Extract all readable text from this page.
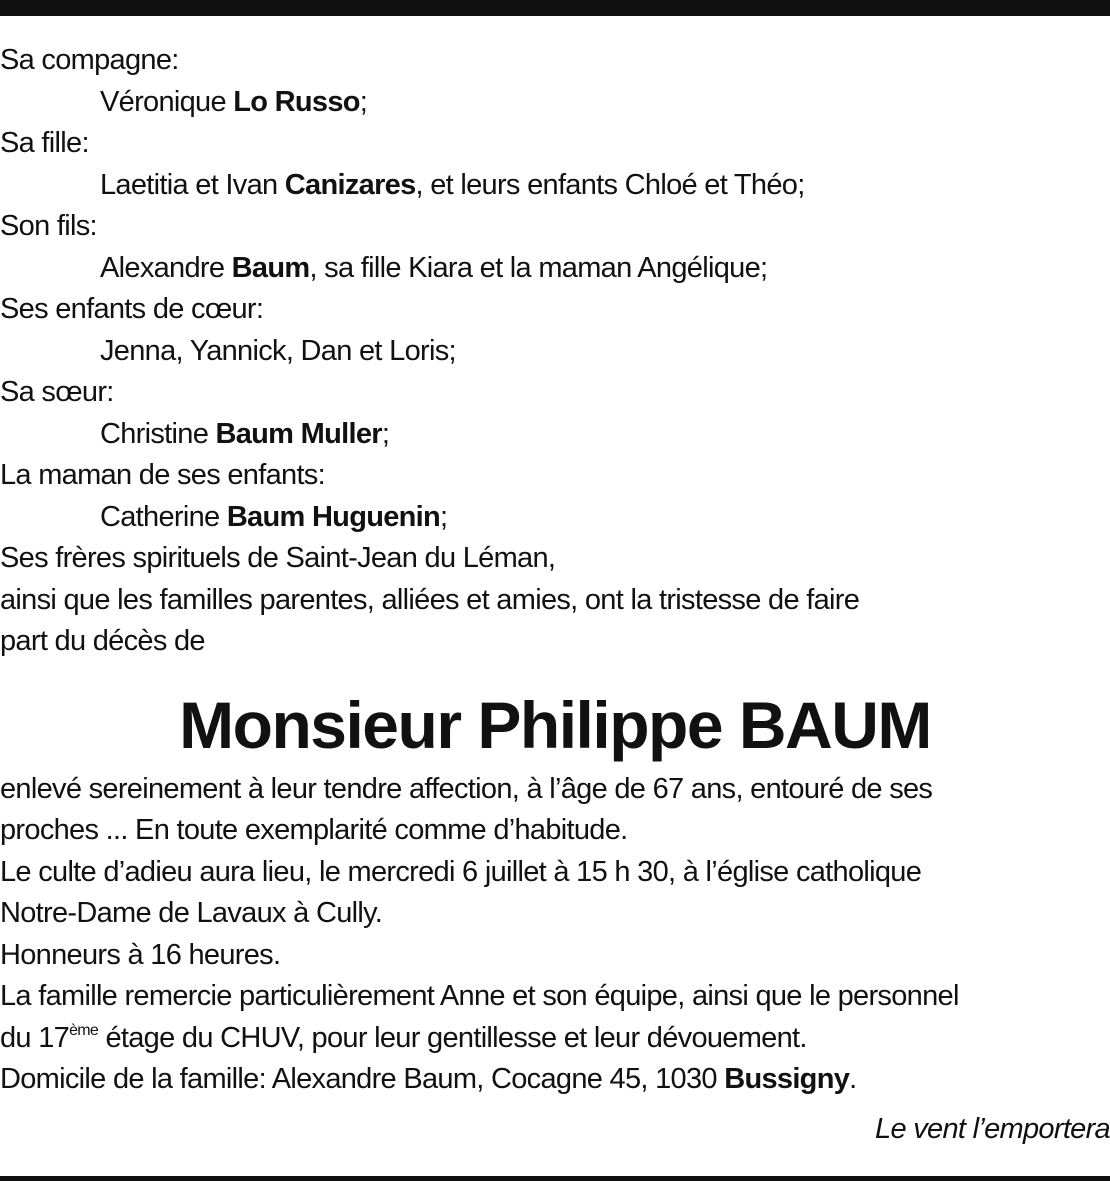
Sa compagne:
Véronique Lo Russo;
Sa fille:
Laetitia et Ivan Canizares, et leurs enfants Chloé et Théo;
Son fils:
Alexandre Baum, sa fille Kiara et la maman Angélique;
Ses enfants de cœur:
Jenna, Yannick, Dan et Loris;
Sa sœur:
Christine Baum Muller;
La maman de ses enfants:
Catherine Baum Huguenin;
Ses frères spirituels de Saint-Jean du Léman,
ainsi que les familles parentes, alliées et amies, ont la tristesse de faire
part du décès de
Monsieur Philippe BAUM
enlevé sereinement à leur tendre affection, à l’âge de 67 ans, entouré de ses
proches ... En toute exemplarité comme d’habitude.
Le culte d’adieu aura lieu, le mercredi 6 juillet à 15 h 30, à l’église catholique
Notre-Dame de Lavaux à Cully.
Honneurs à 16 heures.
La famille remercie particulièrement Anne et son équipe, ainsi que le personnel
du 17ème étage du CHUV, pour leur gentillesse et leur dévouement.
Domicile de la famille: Alexandre Baum, Cocagne 45, 1030 Bussigny.
Le vent l’emportera
